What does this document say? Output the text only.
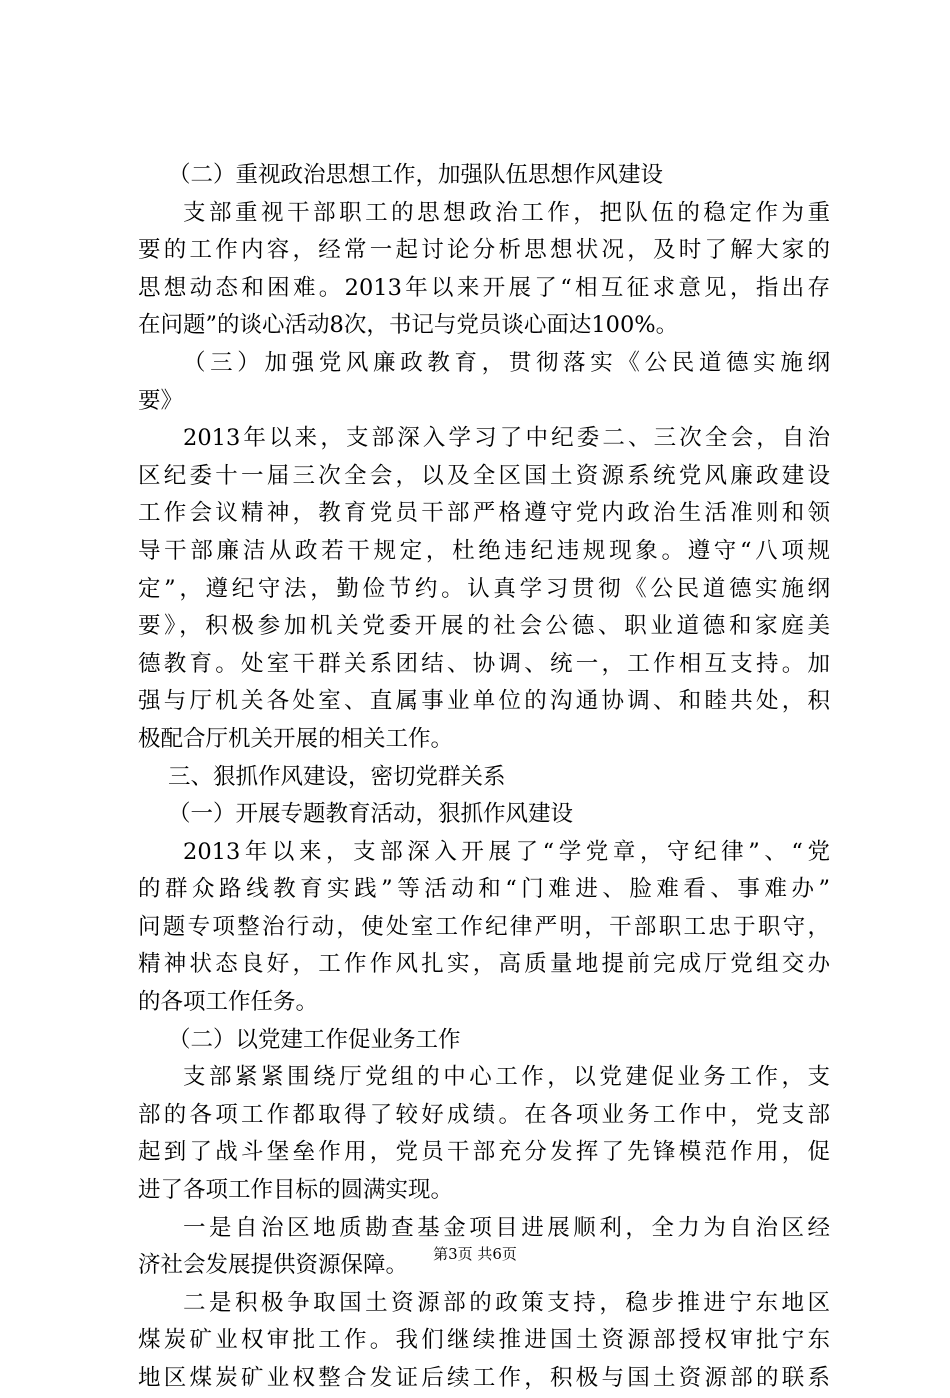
（二）重视政治思想工作，加强队伍思想作风建设
支部重视干部职工的思想政治工作，把队伍的稳定作为重
要的工作内容，经常一起讨论分析思想状况，及时了解大家的
思想动态和困难。2013年以来开展了“相互征求意见，指出存
在问题”的谈心活动8次，书记与党员谈心面达100%。
（三）加强党风廉政教育，贯彻落实《公民道德实施纲
要》
2013年以来，支部深入学习了中纪委二、三次全会，自治
区纪委十一届三次全会，以及全区国土资源系统党风廉政建设
工作会议精神，教育党员干部严格遵守党内政治生活准则和领
导干部廉洁从政若干规定，杜绝违纪违规现象。遵守“八项规
定”，遵纪守法，勤俭节约。认真学习贯彻《公民道德实施纲
要》，积极参加机关党委开展的社会公德、职业道德和家庭美
德教育。处室干群关系团结、协调、统一，工作相互支持。加
强与厅机关各处室、直属事业单位的沟通协调、和睦共处，积
极配合厅机关开展的相关工作。
三、狠抓作风建设，密切党群关系
（一）开展专题教育活动，狠抓作风建设
2013年以来，支部深入开展了“学党章，守纪律”、“党
的群众路线教育实践”等活动和“门难进、脸难看、事难办”
问题专项整治行动，使处室工作纪律严明，干部职工忠于职守，
精神状态良好，工作作风扎实，高质量地提前完成厅党组交办
的各项工作任务。
（二）以党建工作促业务工作
支部紧紧围绕厅党组的中心工作，以党建促业务工作，支
部的各项工作都取得了较好成绩。在各项业务工作中，党支部
起到了战斗堡垒作用，党员干部充分发挥了先锋模范作用，促
进了各项工作目标的圆满实现。
一是自治区地质勘查基金项目进展顺利，全力为自治区经
济社会发展提供资源保障。
二是积极争取国土资源部的政策支持，稳步推进宁东地区
煤炭矿业权审批工作。我们继续推进国土资源部授权审批宁东
地区煤炭矿业权整合发证后续工作，积极与国土资源部的联系
第3页 共6页
